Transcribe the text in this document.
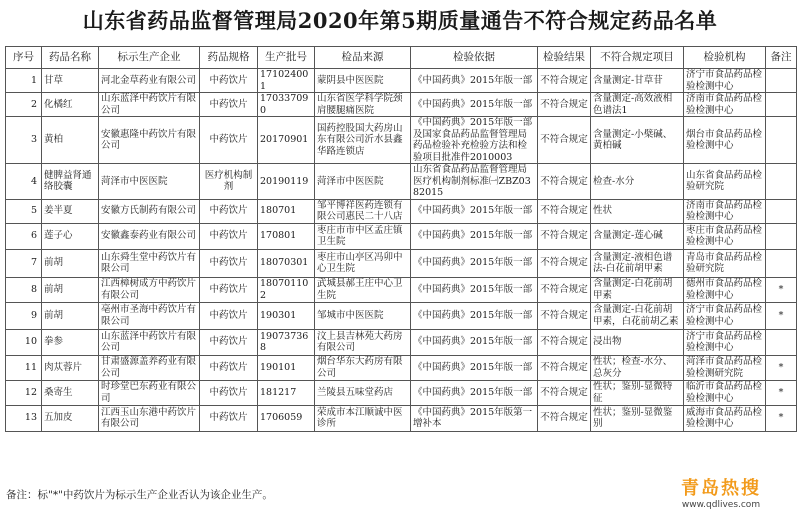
山东省药品监督管理局2020年第5期质量通告不符合规定药品名单
序号	药品名称	标示生产企业	药品规格	生产批号	检品来源	检验依据	检验结果	不符合规定项目	检验机构	备注
1	甘草	河北金草药业有限公司	中药饮片	171024001	蒙阴县中医医院	《中国药典》2015年版一部	不符合规定	含量测定-甘草苷	济宁市食品药品检验检测中心	
2	化橘红	山东蓝泽中药饮片有限公司	中药饮片	170337090	山东省医学科学院颈肩腰腿痛医院	《中国药典》2015年版一部	不符合规定	含量测定-高效液相色谱法1	济南市食品药品检验检测中心	
3	黄柏	安徽惠隆中药饮片有限公司	中药饮片	20170901	国药控股国大药房山东有限公司沂水县鑫华路连锁店	《中国药典》2015年版一部及国家食品药品监督管理局药品检验补充检验方法和检验项目批准件2010003	不符合规定	含量测定-小檗碱、黄柏碱	烟台市食品药品检验检测中心	
4	健脾益肾通络胶囊	菏泽市中医医院	医疗机构制剂	20190119	菏泽市中医医院	山东省食品药品监督管理局医疗机构制剂标准㈠ZBZ0382015	不符合规定	检查-水分	山东省食品药品检验研究院	
5	姜半夏	安徽方氏制药有限公司	中药饮片	180701	邹平博祥医药连锁有限公司惠民二十八店	《中国药典》2015年版一部	不符合规定	性状	济南市食品药品检验检测中心	
6	莲子心	安徽鑫泰药业有限公司	中药饮片	170801	枣庄市市中区孟庄镇卫生院	《中国药典》2015年版一部	不符合规定	含量测定-莲心碱	枣庄市食品药品检验检测中心	
7	前胡	山东舜生堂中药饮片有限公司	中药饮片	18070301	枣庄市山亭区冯卯中心卫生院	《中国药典》2015年版一部	不符合规定	含量测定-液相色谱法-白花前胡甲素	青岛市食品药品检验研究院	
8	前胡	江西樟树成方中药饮片有限公司	中药饮片	180701102	武城县郝王庄中心卫生院	《中国药典》2015年版一部	不符合规定	含量测定-白花前胡甲素	德州市食品药品检验检测中心	*
9	前胡	亳州市圣海中药饮片有限公司	中药饮片	190301	邹城市中医医院	《中国药典》2015年版一部	不符合规定	含量测定-白花前胡甲素，白花前胡乙素	济宁市食品药品检验检测中心	*
10	拳参	山东蓝泽中药饮片有限公司	中药饮片	190737368	汶上县吉林苑大药房有限公司	《中国药典》2015年版一部	不符合规定	浸出物	济宁市食品药品检验检测中心	
11	肉苁蓉片	甘肃盛源盖养药业有限公司	中药饮片	190101	烟台华东大药房有限公司	《中国药典》2015年版一部	不符合规定	性状；检查-水分、总灰分	菏泽市食品药品检验检测研究院	*
12	桑寄生	时珍堂巴东药业有限公司	中药饮片	181217	兰陵县五味堂药店	《中国药典》2015年版一部	不符合规定	性状；鉴别-显微特征	临沂市食品药品检验检测中心	*
13	五加皮	江西玉山东港中药饮片有限公司	中药饮片	1706059	荣成市本江顺诚中医诊所	《中国药典》2015年版第一增补本	不符合规定	性状；鉴别-显微鉴别	威海市食品药品检验检测中心	*
备注：标"*"中药饮片为标示生产企业否认为该企业生产。	青岛热搜
www.qdlives.com
